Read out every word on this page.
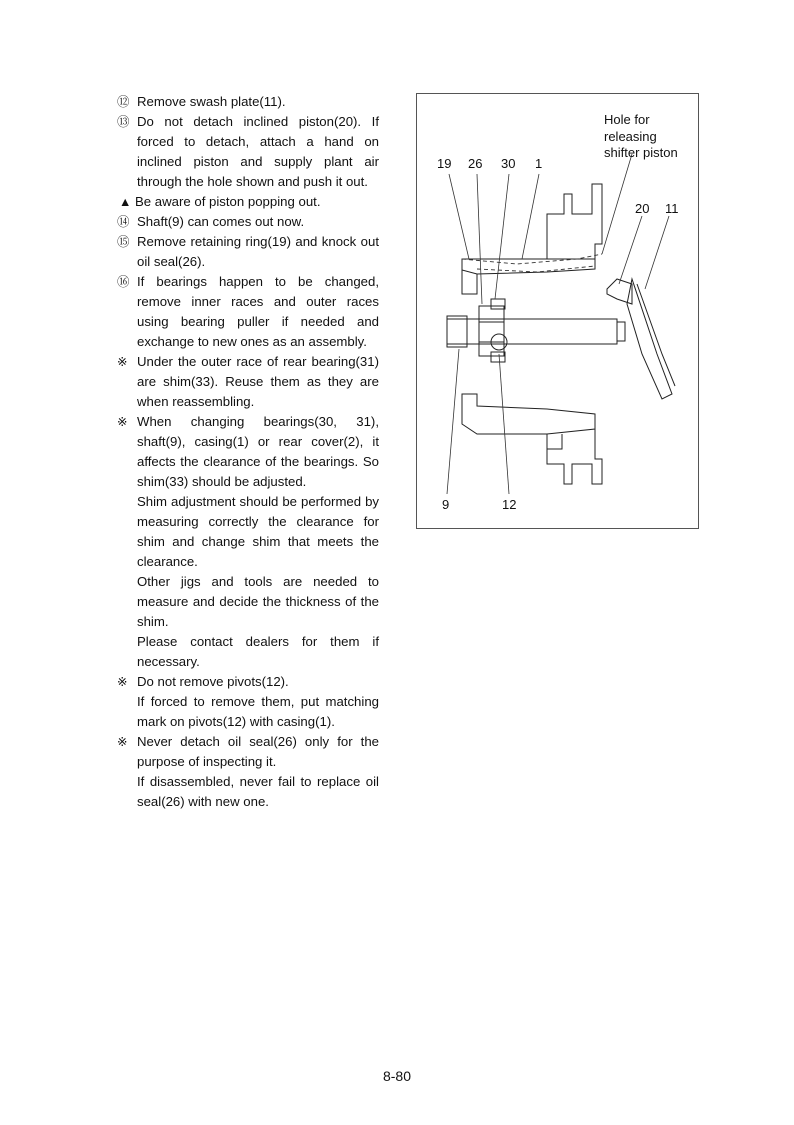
⑫ Remove swash plate(11).

⑬ Do not detach inclined piston(20). If forced to detach, attach a hand on inclined piston and supply plant air through the hole shown and push it out.

▲ Be aware of piston popping out.

⑭ Shaft(9) can comes out now.

⑮ Remove retaining ring(19) and knock out oil seal(26).

⑯ If bearings happen to be changed, remove inner races and outer races using bearing puller if needed and exchange to new ones as an assembly.

※ Under the outer race of rear bearing(31) are shim(33). Reuse them as they are when reassembling.

※ When changing bearings(30, 31), shaft(9), casing(1) or rear cover(2), it affects the clearance of the bearings. So shim(33) should be adjusted.

Shim adjustment should be performed by measuring correctly the clearance for shim and change shim that meets the clearance.

Other jigs and tools are needed to measure and decide the thickness of the shim.

Please contact dealers for them if necessary.

※ Do not remove pivots(12).

If forced to remove them, put matching mark on pivots(12) with casing(1).

※ Never detach oil seal(26) only for the purpose of inspecting it.

If disassembled, never fail to replace oil seal(26) with new one.

Hole for
releasing
shifter piston
19 26 30 1
20 11
9	12
8-80
